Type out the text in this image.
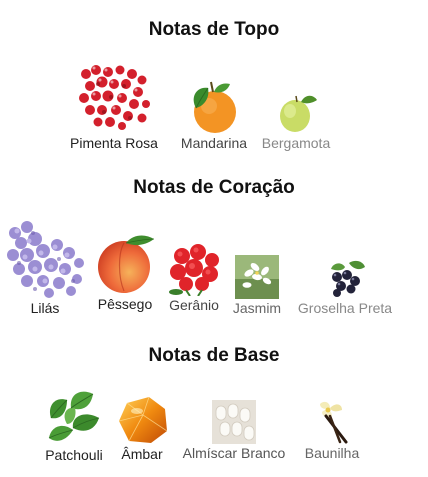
Notas de Topo
Pimenta Rosa Mandarina Bergamota
Notas de Coração
Lilás	Pêssego Gerânio Jasmim Groselha Preta
Notas de Base
Patchouli Âmbar Almíscar Branco Baunilha
